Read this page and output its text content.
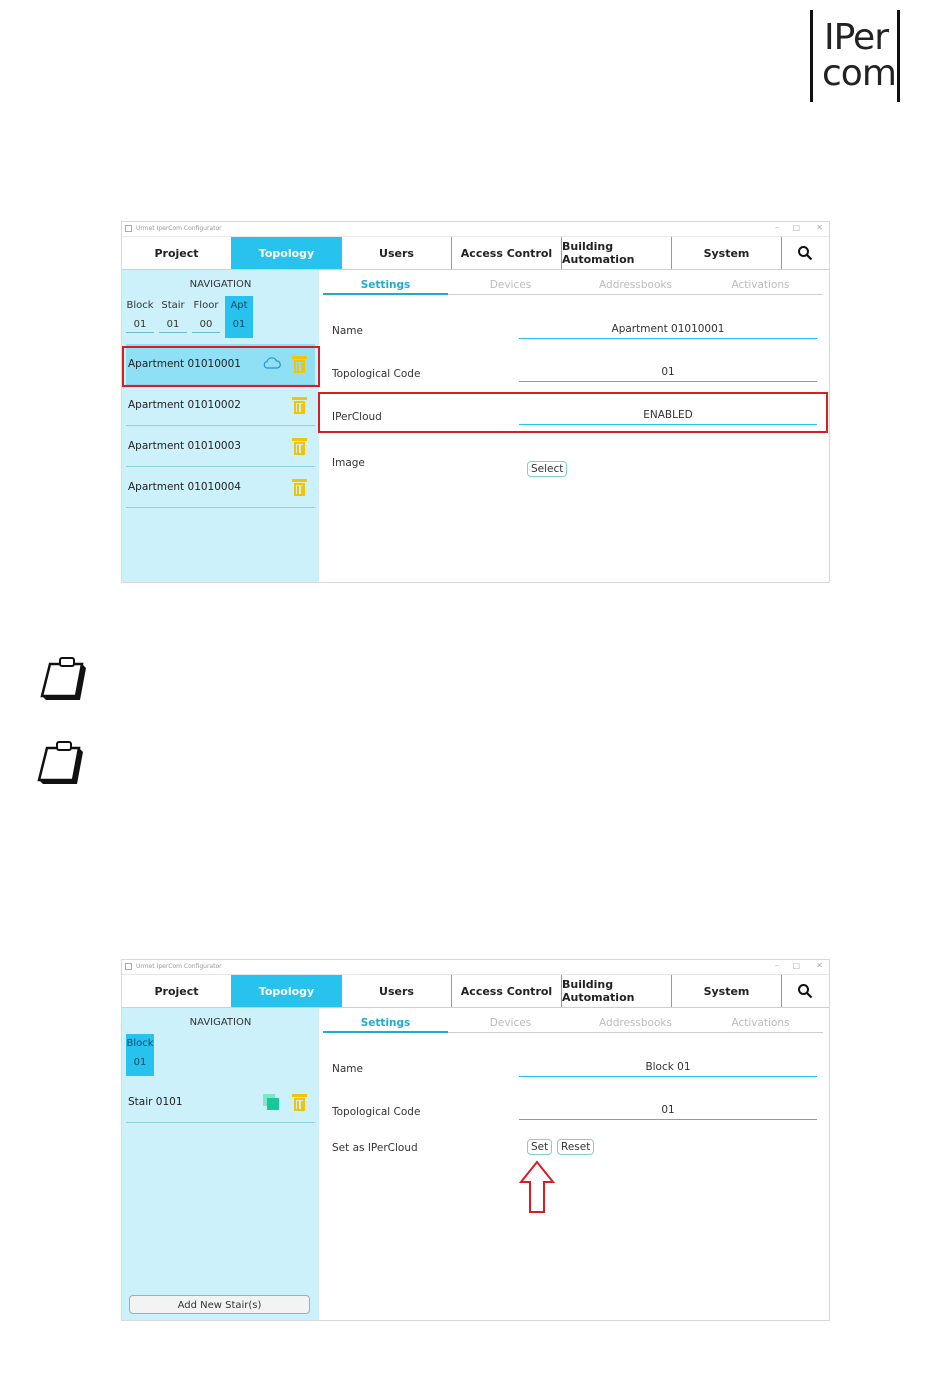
IPer
com
Urmet IperCom Configurator	– □ ✕
Project	Topology	Users	Access Control Building Automation	System
NAVIGATION
Block
01
Stair
01
Floor
00
Apt
01
Apartment 01010001
Apartment 01010002
Apartment 01010003
Apartment 01010004
Settings	Devices	Addressbooks	Activations
Name	Apartment 01010001
Topological Code	01
IPerCloud	ENABLED
Image	Select
Urmet IperCom Configurator	– □ ✕
Project	Topology	Users	Access Control Building Automation	System
NAVIGATION
Block
01
Stair 0101
Add New Stair(s)
Settings	Devices	Addressbooks	Activations
Name	Block 01
Topological Code	01
Set as IPerCloud	Set	Reset
